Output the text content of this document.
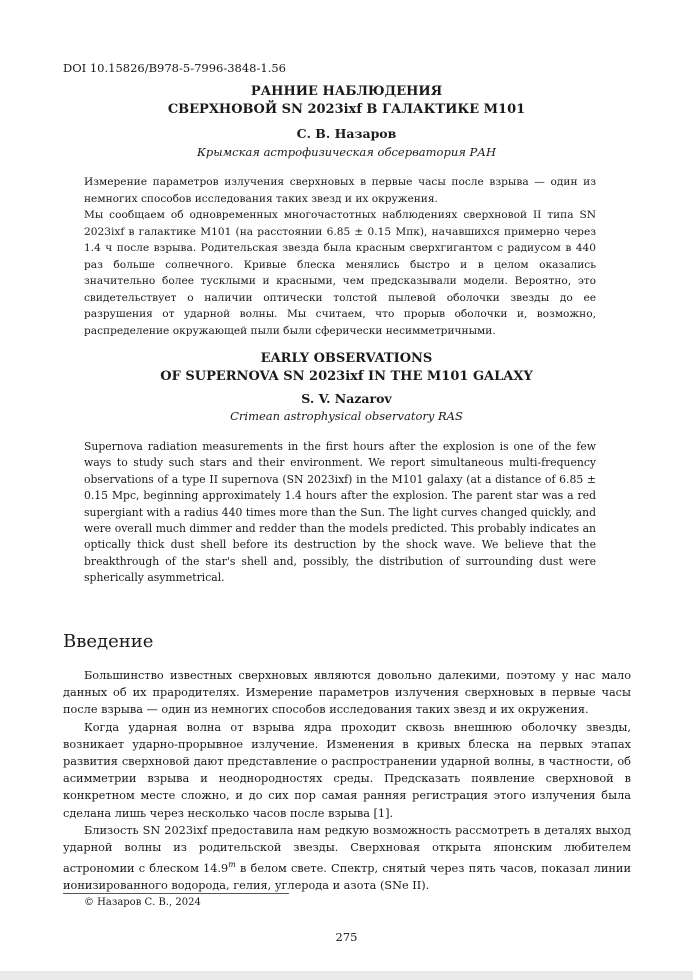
DOI 10.15826/B978-5-7996-3848-1.56
РАННИЕ НАБЛЮДЕНИЯ
СВЕРХНОВОЙ SN 2023ixf В ГАЛАКТИКЕ M101
С. В. Назаров
Крымская астрофизическая обсерватория РАН

Измерение параметров излучения сверхновых в первые часы после взрыва — один из немногих способов исследования таких звезд и их окружения.

Мы сообщаем об одновременных многочастотных наблюдениях сверхновой II типа SN 2023ixf в галактике M101 (на расстоянии 6.85 ± 0.15 Мпк), начавшихся примерно через 1.4 ч после взрыва. Родительская звезда была красным сверхгигантом с радиусом в 440 раз больше солнечного. Кривые блеска менялись быстро и в целом оказались значительно более тусклыми и красными, чем предсказывали модели. Вероятно, это свидетельствует о наличии оптически толстой пылевой оболочки звезды до ее разрушения от ударной волны. Мы считаем, что прорыв оболочки и, возможно, распределение окружающей пыли были сферически несимметричными.

EARLY OBSERVATIONS
OF SUPERNOVA SN 2023ixf IN THE M101 GALAXY
S. V. Nazarov
Crimean astrophysical observatory RAS

Supernova radiation measurements in the first hours after the explosion is one of the few ways to study such stars and their environment. We report simultaneous multi-frequency observations of a type II supernova (SN 2023ixf) in the M101 galaxy (at a distance of 6.85 ± 0.15 Mpc, beginning approximately 1.4 hours after the explosion. The parent star was a red supergiant with a radius 440 times more than the Sun. The light curves changed quickly, and were overall much dimmer and redder than the models predicted. This probably indicates an optically thick dust shell before its destruction by the shock wave. We believe that the breakthrough of the star's shell and, possibly, the distribution of surrounding dust were spherically asymmetrical.

Введение

Большинство известных сверхновых являются довольно далекими, поэтому у нас мало данных об их прародителях. Измерение параметров излучения сверхновых в первые часы после взрыва — один из немногих способов исследования таких звезд и их окружения.

Когда ударная волна от взрыва ядра проходит сквозь внешнюю оболочку звезды, возникает ударно-прорывное излучение. Изменения в кривых блеска на первых этапах развития сверхновой дают представление о распространении ударной волны, в частности, об асимметрии взрыва и неоднородностях среды. Предсказать появление сверхновой в конкретном месте сложно, и до сих пор самая ранняя регистрация этого излучения была сделана лишь через несколько часов после взрыва [1].

Близость SN 2023ixf предоставила нам редкую возможность рассмотреть в деталях выход ударной волны из родительской звезды. Сверхновая открыта японским любителем астрономии с блеском 14.9$^m$ в белом свете. Спектр, снятый через пять часов, показал линии ионизированного водорода, гелия, углерода и азота (SNe II).

© Назаров С. В., 2024
275
